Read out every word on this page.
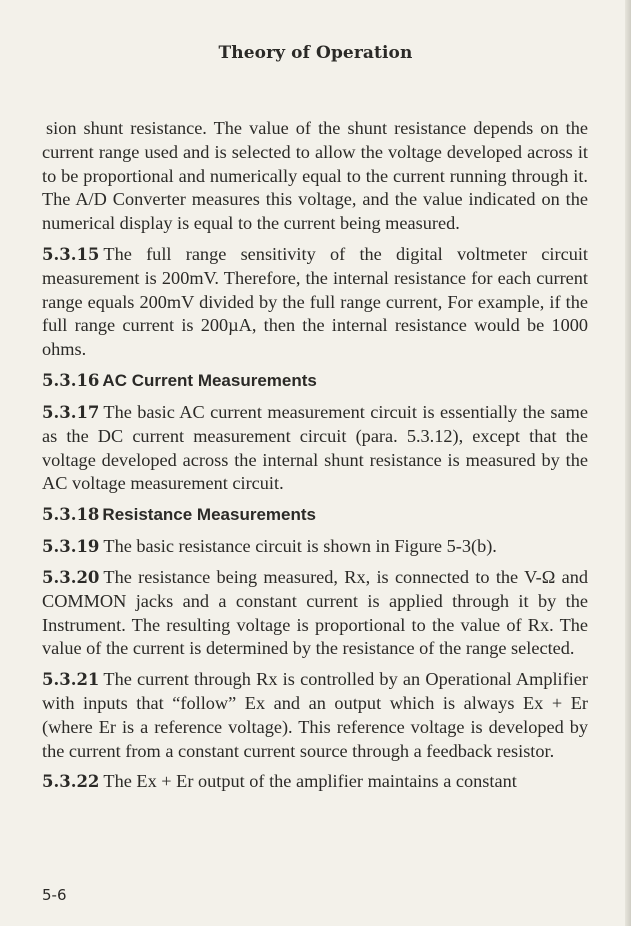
Theory of Operation

sion shunt resistance. The value of the shunt resistance depends on the current range used and is selected to allow the voltage developed across it to be proportional and numerically equal to the current running through it. The A/D Converter measures this voltage, and the value indicated on the numerical display is equal to the current being measured.

5.3.15 The full range sensitivity of the digital voltmeter circuit measurement is 200mV. Therefore, the internal resistance for each current range equals 200mV divided by the full range current, For example, if the full range current is 200µA, then the internal resistance would be 1000 ohms.

5.3.16 AC Current Measurements

5.3.17 The basic AC current measurement circuit is essentially the same as the DC current measurement circuit (para. 5.3.12), except that the voltage developed across the internal shunt resistance is measured by the AC voltage measurement circuit.

5.3.18 Resistance Measurements

5.3.19 The basic resistance circuit is shown in Figure 5-3(b).

5.3.20 The resistance being measured, Rx, is connected to the V-Ω and COMMON jacks and a constant current is applied through it by the Instrument. The resulting voltage is proportional to the value of Rx. The value of the current is determined by the resistance of the range selected.

5.3.21 The current through Rx is controlled by an Operational Amplifier with inputs that “follow” Ex and an output which is always Ex + Er (where Er is a reference voltage). This reference voltage is developed by the current from a constant current source through a feedback resistor.

5.3.22 The Ex + Er output of the amplifier maintains a constant

5-6
